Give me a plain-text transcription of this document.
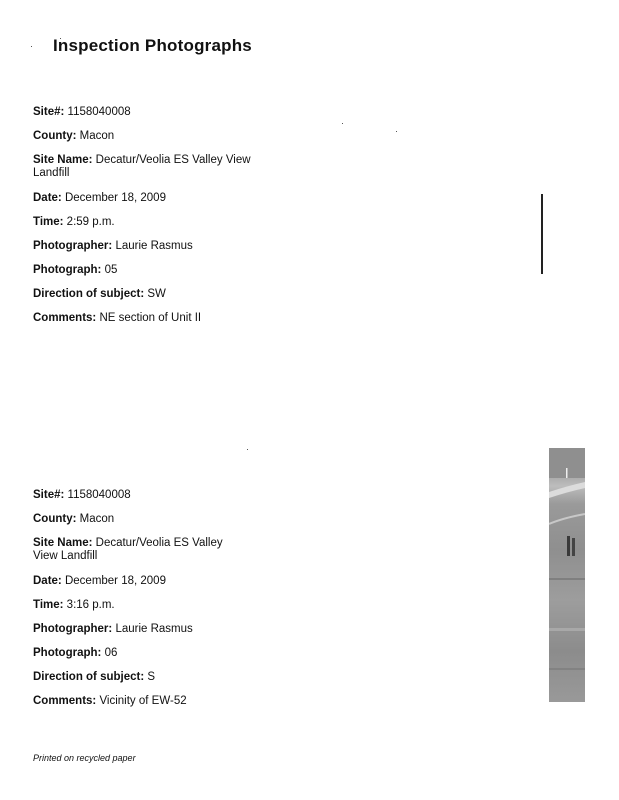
Inspection Photographs
Site#: 1158040008
County: Macon
Site Name: Decatur/Veolia ES Valley View
Landfill
Date: December 18, 2009
Time: 2:59 p.m.
Photographer: Laurie Rasmus
Photograph: 05
Direction of subject: SW
Comments: NE section of Unit II
Site#: 1158040008
County: Macon
Site Name: Decatur/Veolia ES Valley
View Landfill
Date: December 18, 2009
Time: 3:16 p.m.
Photographer: Laurie Rasmus
Photograph: 06
Direction of subject: S
Comments: Vicinity of EW-52
Printed on recycled paper
